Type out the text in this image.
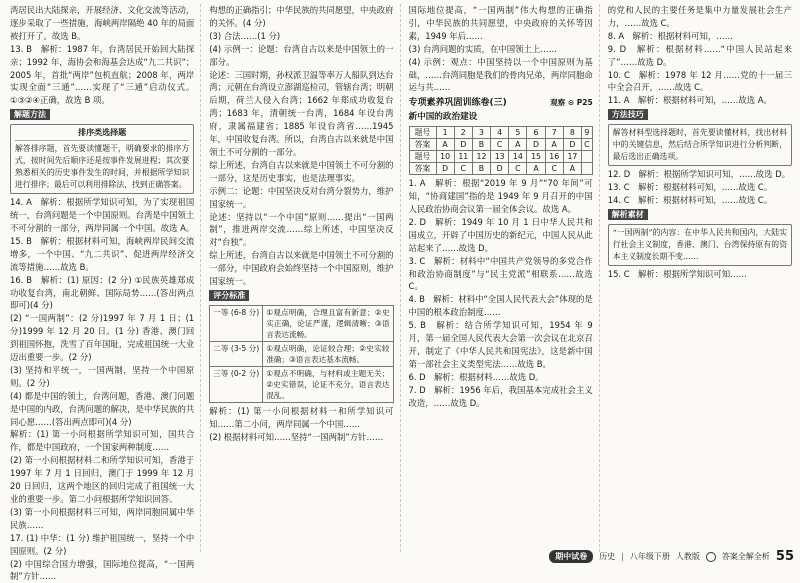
湾居民出大陆探亲，开展经济、文化交流等活动，逐步采取了一些措施，海峡两岸隔绝 40 年的局面被打开了。故选 B。

13. B　解析：1987 年，台湾居民开始回大陆探亲；1992 年，海协会和海基会达成“九二共识”；2005 年，首批“两岸”包机直航；2008 年，两岸实现全面“三通”……实现了“三通”启动仪式。①③②④正确，故选 B 项。

解题方法
排序类选择题

解答排序题，首先要读懂题干，明确要求的排序方式，按时间先后顺序还是按事件发展进程；其次要熟悉相关的历史事件发生的时间，并根据所学知识进行排序；最后可以利用排除法，找到正确答案。

14. A　解析：根据所学知识可知，为了实现祖国统一，台湾问题是一个中国原则。台湾是中国领土不可分割的一部分，两岸同属一个中国。故选 A。

15. B　解析：根据材料可知，海峡两岸民间交流增多，一个中国、“九二共识”、促进两岸经济交流等措施……故选 B。

16. B　解析：(1) 原因：(2 分) ①民族英雄郑成功收复台湾，南北朝鲜、国际局势……(答出两点即可)(4 分)

(2) “一国两制”：(2 分)1997 年 7 月 1 日；(1 分)1999 年 12 月 20 日。(1 分) 香港、澳门回到祖国怀抱，洗雪了百年国耻，完成祖国统一大业迈出重要一步。(2 分)

(3) 坚持和平统一，一国两制，坚持一个中国原则。(2 分)

(4) 都是中国的领土，台湾问题，香港、澳门问题是中国的内政，台湾问题的解决，是中华民族的共同心愿……(答出两点即可)(4 分)

解析：(1) 第一小问根据所学知识可知，国共合作，都是中国政府，一个国家两种制度……

(2) 第一小问根据材料二和所学知识可知，香港于 1997 年 7 月 1 日回归，澳门于 1999 年 12 月 20 日回归，这两个地区的回归完成了祖国统一大业的重要一步。第二小问根据所学知识回答。

(3) 第一小问根据材料三可知，两岸同胞同属中华民族……

17. (1) 中华：(1 分) 维护祖国统一，坚持一个中国原则。(2 分)

(2) 中国综合国力增强，国际地位提高，“一国两制”方针……

构想的正确指引；中华民族的共同愿望，中央政府的关怀。(4 分)

(3) 合法……(1 分)

(4) 示例一：论题：台湾自古以来是中国领土的一部分。

论述：三国时期，孙权派卫温等率万人船队到达台湾；元朝在台湾设立澎湖巡检司，管辖台湾；明朝后期，荷兰人侵入台湾；1662 年郑成功收复台湾；1683 年，清朝统一台湾，1684 年设台湾府，隶属福建省；1885 年设台湾省……1945 年，中国收复台湾。所以，台湾自古以来就是中国领土不可分割的一部分。

综上所述，台湾自古以来就是中国领土不可分割的一部分，这是历史事实，也是法理事实。

示例二：论题：中国坚决反对台湾分裂势力，维护国家统一。

论述：坚持以“一个中国”原则……提出“一国两制”，推进两岸交流……综上所述，中国坚决反对“台独”。

综上所述，台湾自古以来就是中国领土不可分割的一部分，中国政府会始终坚持一个中国原则，维护国家统一。

评分标准
一等 (6-8 分)	①观点明确，合理且富有新意；②史实正确，论证严谨，逻辑清晰；③语言表达流畅。
二等 (3-5 分)	①观点明确，论证较合理；②史实较准确；③语言表达基本流畅。
三等 (0-2 分)	①观点不明确，与材料或主题无关；②史实错误，论证不充分，语言表达混乱。

解析：(1) 第一小问根据材料一和所学知识可知……第二小问，两岸同属一个中国……

(2) 根据材料可知……坚持“一国两制”方针……

国际地位提高，“一国两制”伟大构想的正确指引，中华民族的共同愿望，中央政府的关怀等因素，1949 年后……

(3) 台湾问题的实质，在中国领土上……

(4) 示例：观点：中国坚持以一个中国原则为基础，……台湾同胞是我们的骨肉兄弟，两岸同胞命运与共……

专项素养巩固训练卷(三)	观察 ⊙ P25
新中国的政治建设
题号	1	2	3	4	5	6	7	8	9
答案	A	D	B	C	A	D	A	D	C
题号	10	11	12	13	14	15	16	17	
答案	D	C	B	D	C	A	C	A	

1. A　解析：根据“2019 年 9 月”“70 年间”可知，“协商建国”指的是 1949 年 9 月召开的中国人民政治协商会议第一届全体会议。故选 A。

2. D　解析：1949 年 10 月 1 日中华人民共和国成立，开辟了中国历史的新纪元，中国人民从此站起来了……故选 D。

3. C　解析：材料中“中国共产党领导的多党合作和政治协商制度”与“民主党派”相联系……故选 C。

4. B　解析：材料中“全国人民代表大会”体现的是中国的根本政治制度……

5. B　解析：结合所学知识可知，1954 年 9 月，第一届全国人民代表大会第一次会议在北京召开，制定了《中华人民共和国宪法》，这是新中国第一部社会主义类型宪法……故选 B。

6. D　解析：根据材料……故选 D。

7. D　解析：1956 年后，我国基本完成社会主义改造，……故选 D。

的党和人民的主要任务是集中力量发展社会生产力，……故选 C。

8. A　解析：根据材料可知，……

9. D　解析：根据材料……“中国人民站起来了”……故选 D。

10. C　解析：1978 年 12 月……党的十一届三中全会召开，……故选 C。

11. A　解析：根据材料可知，……故选 A。

方法技巧

解答材料型选择题时，首先要读懂材料，找出材料中的关键信息，然后结合所学知识进行分析判断，最后选出正确选项。

12. D　解析：根据所学知识可知，……故选 D。

13. C　解析：根据材料可知，……故选 C。

14. C　解析：根据材料可知，……故选 C。

解析素材

“一国两制”的内容：在中华人民共和国内，大陆实行社会主义制度，香港、澳门、台湾保持原有的资本主义制度长期不变……

15. C　解析：根据所学知识可知……

期中试卷	历史 | 八年级下册 人教版	答案全解全析 55
